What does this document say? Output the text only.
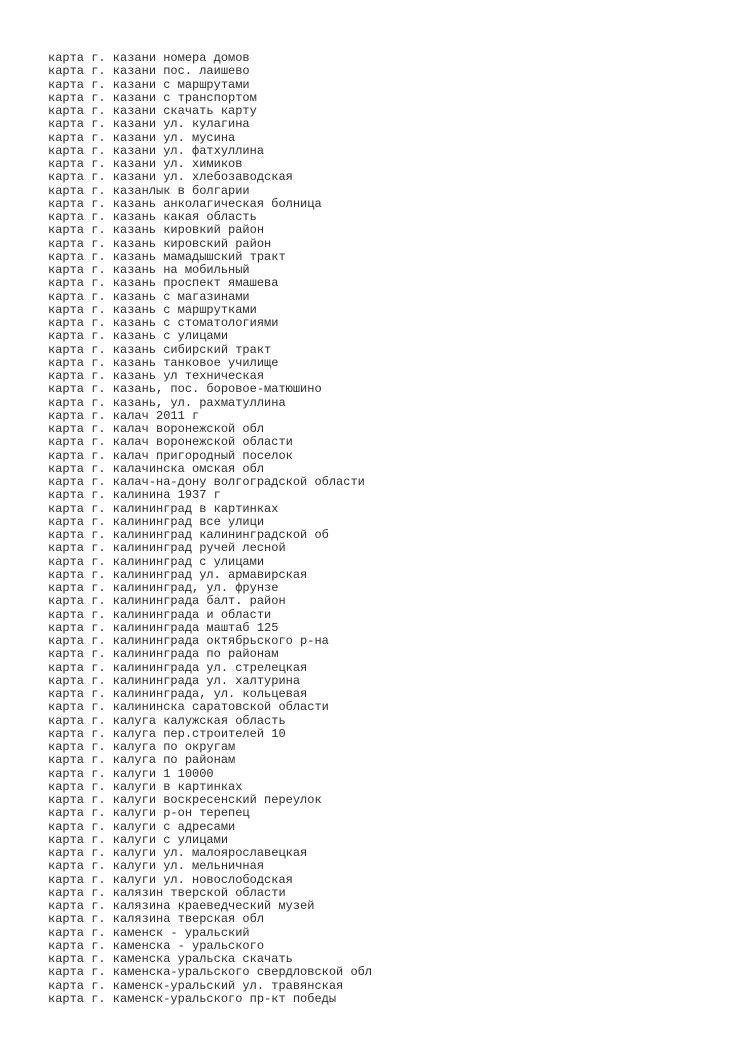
карта г. казани номера домов
карта г. казани пос. лаишево
карта г. казани с маршрутами
карта г. казани с транспортом
карта г. казани скачать карту
карта г. казани ул. кулагина
карта г. казани ул. мусина
карта г. казани ул. фатхуллина
карта г. казани ул. химиков
карта г. казани ул. хлебозаводская
карта г. казанлык в болгарии
карта г. казань анколагическая болница
карта г. казань какая область
карта г. казань кировкий район
карта г. казань кировский район
карта г. казань мамадышский тракт
карта г. казань на мобильный
карта г. казань проспект ямашева
карта г. казань с магазинами
карта г. казань с маршрутками
карта г. казань с стоматологиями
карта г. казань с улицами
карта г. казань сибирский тракт
карта г. казань танковое училище
карта г. казань ул техническая
карта г. казань, пос. боровое-матюшино
карта г. казань, ул. рахматуллина
карта г. калач 2011 г
карта г. калач воронежской обл
карта г. калач воронежской области
карта г. калач пригородный поселок
карта г. калачинска омская обл
карта г. калач-на-дону волгоградской области
карта г. калинина 1937 г
карта г. калининград в картинках
карта г. калининград все улици
карта г. калининград калининградской об
карта г. калининград ручей лесной
карта г. калининград с улицами
карта г. калининград ул. армавирская
карта г. калининград, ул. фрунзе
карта г. калининграда балт. район
карта г. калининграда и области
карта г. калининграда маштаб 125
карта г. калининграда октябрьского р-на
карта г. калининграда по районам
карта г. калининграда ул. стрелецкая
карта г. калининграда ул. халтурина
карта г. калининграда, ул. кольцевая
карта г. калининска саратовской области
карта г. калуга калужская область
карта г. калуга пер.строителей 10
карта г. калуга по округам
карта г. калуга по районам
карта г. калуги 1 10000
карта г. калуги в картинках
карта г. калуги воскресенский переулок
карта г. калуги р-он терепец
карта г. калуги с адресами
карта г. калуги с улицами
карта г. калуги ул. малоярославецкая
карта г. калуги ул. мельничная
карта г. калуги ул. новослободская
карта г. калязин тверской области
карта г. калязина краеведческий музей
карта г. калязина тверская обл
карта г. каменск - уральский
карта г. каменска - уральского
карта г. каменска уральска скачать
карта г. каменска-уральского свердловской обл
карта г. каменск-уральский ул. травянская
карта г. каменск-уральского пр-кт победы
